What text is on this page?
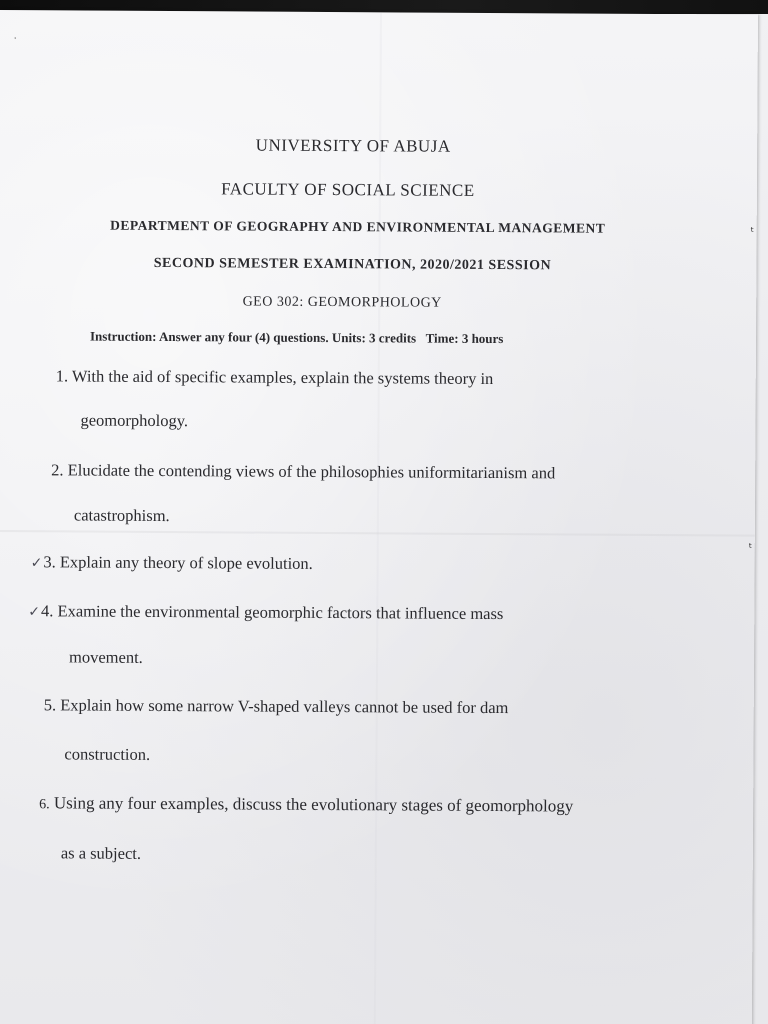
UNIVERSITY OF ABUJA
FACULTY OF SOCIAL SCIENCE
DEPARTMENT OF GEOGRAPHY AND ENVIRONMENTAL MANAGEMENT
SECOND SEMESTER EXAMINATION, 2020/2021 SESSION
GEO 302: GEOMORPHOLOGY
Instruction: Answer any four (4) questions. Units: 3 credits   Time: 3 hours
1. With the aid of specific examples, explain the systems theory in
geomorphology.
2. Elucidate the contending views of the philosophies uniformitarianism and
catastrophism.
✓3. Explain any theory of slope evolution.
✓4. Examine the environmental geomorphic factors that influence mass
movement.
5. Explain how some narrow V-shaped valleys cannot be used for dam
construction.
6. Using any four examples, discuss the evolutionary stages of geomorphology
as a subject.
ᵗ
ᵗ
·
